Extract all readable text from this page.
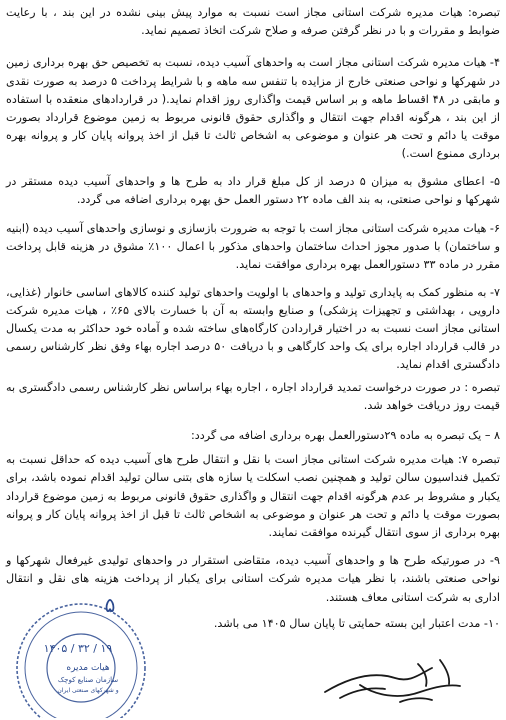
تبصره: هیات مدیره شرکت استانی مجاز است نسبت به موارد پیش بینی نشده در این بند ، با رعایت ضوابط و مقررات و با در نظر گرفتن صرفه و صلاح شرکت اتخاذ تصمیم نماید.

۴- هیات مدیره شرکت استانی مجاز است به واحدهای آسیب دیده، نسبت به تخصیص حق بهره برداری زمین در شهرکها و نواحی صنعتی خارج از مزایده با تنفس سه ماهه و با شرایط پرداخت ۵ درصد به صورت نقدی و مابقی در ۴۸ اقساط ماهه و بر اساس قیمت واگذاری روز اقدام نماید.( در قراردادهای منعقده با استفاده از این بند ، هرگونه اقدام جهت انتقال و واگذاری حقوق قانونی مربوط به زمین موضوع قرارداد بصورت موقت یا دائم و تحت هر عنوان و موضوعی به اشخاص ثالث تا قبل از اخذ پروانه پایان کار و پروانه بهره برداری ممنوع است.)

۵- اعطای مشوق به میزان ۵ درصد از کل مبلغ قرار داد به طرح ها و واحدهای آسیب دیده مستقر در شهرکها و نواحی صنعتی، به بند الف ماده ۲۲ دستور العمل حق بهره برداری اضافه می گردد.

۶- هیات مدیره شرکت استانی مجاز است با توجه به ضرورت بازسازی و نوسازی واحدهای آسیب دیده (ابنیه و ساختمان) با صدور مجوز احداث ساختمان واحدهای مذکور با اعمال ۱۰۰٪ مشوق در هزینه قابل پرداخت مقرر در ماده ۳۳ دستورالعمل بهره برداری موافقت نماید.

۷- به منظور کمک به پایداری تولید و واحدهای با اولویت واحدهای تولید کننده کالاهای اساسی خانوار (غذایی، دارویی ، بهداشتی و تجهیزات پزشکی) و صنایع وابسته به آن با خسارت بالای ۶۵٪ ، هیات مدیره شرکت استانی مجاز است نسبت به در اختیار قراردادن کارگاه‌های ساخته شده و آماده خود حداکثر به مدت یکسال در قالب قرارداد اجاره برای یک واحد کارگاهی و با دریافت ۵۰ درصد اجاره بهاء وفق نظر کارشناس رسمی دادگستری اقدام نماید.

تبصره : در صورت درخواست تمدید قرارداد اجاره ، اجاره بهاء براساس نظر کارشناس رسمی دادگستری به قیمت روز دریافت خواهد شد.

۸ – یک تبصره به ماده ۲۹دستورالعمل بهره برداری اضافه می گردد:

تبصره ۷: هیات مدیره شرکت استانی مجاز است با نقل و انتقال طرح های آسیب دیده که حداقل نسبت به تکمیل فنداسیون سالن تولید و همچنین نصب اسکلت یا سازه های بتنی سالن تولید اقدام نموده باشد، برای یکبار و مشروط بر عدم هرگونه اقدام جهت انتقال و واگذاری حقوق قانونی مربوط به زمین موضوع قرارداد بصورت موقت یا دائم و تحت هر عنوان و موضوعی به اشخاص ثالث تا قبل از اخذ پروانه پایان کار و پروانه بهره برداری از سوی انتقال گیرنده موافقت نمایند.

۹- در صورتیکه طرح ها و واحدهای آسیب دیده، متقاضی استقرار در واحدهای تولیدی غیرفعال شهرکها و نواحی صنعتی باشند، با نظر هیات مدیره شرکت استانی برای یکبار از پرداخت هزینه های نقل و انتقال اداری به شرکت استانی معاف هستند.

۱۰- مدت اعتبار این بسته حمایتی تا پایان سال ۱۴۰۵ می باشد.

۵
۱۴۰۵ / ۳۲ / ۱۹
هیات مدیره
سازمان صنایع کوچک
و شهرکهای صنعتی ایران
